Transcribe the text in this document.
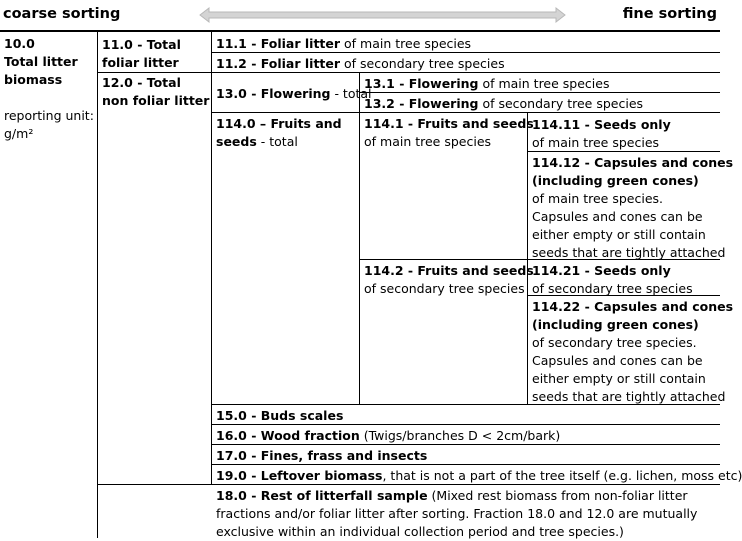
coarse sorting	fine sorting
10.0
Total litter
biomass

reporting unit:
g/m²
11.0 - Total
foliar litter
12.0 - Total
non foliar litter
11.1 - Foliar litter of main tree species
11.2 - Foliar litter of secondary tree species
13.0 - Flowering - total
13.1 - Flowering of main tree species
13.2 - Flowering of secondary tree species
114.0 – Fruits and
seeds - total
114.1 - Fruits and seeds
of main tree species
114.2 - Fruits and seeds
of secondary tree species
114.11 - Seeds only
of main tree species
114.12 - Capsules and cones
(including green cones)
of main tree species.
Capsules and cones can be
either empty or still contain
seeds that are tightly attached
114.21 - Seeds only
of secondary tree species
114.22 - Capsules and cones
(including green cones)
of secondary tree species.
Capsules and cones can be
either empty or still contain
seeds that are tightly attached
15.0 - Buds scales
16.0 - Wood fraction (Twigs/branches D < 2cm/bark)
17.0 - Fines, frass and insects
19.0 - Leftover biomass, that is not a part of the tree itself (e.g. lichen, moss etc)
18.0 - Rest of litterfall sample (Mixed rest biomass from non-foliar litter fractions and/or foliar litter after sorting. Fraction 18.0 and 12.0 are mutually exclusive within an individual collection period and tree species.)
